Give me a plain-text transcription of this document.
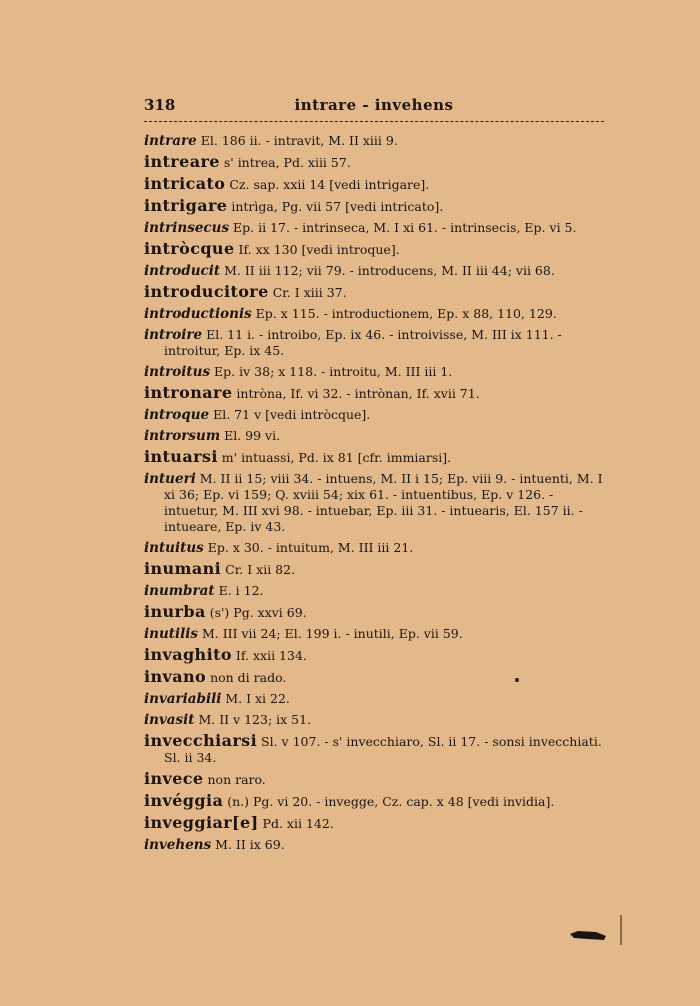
318	intrare - invehens
intrare El. 186 ii. - intravit, M. II xiii 9.
intreare s' intrea, Pd. xiii 57.
intricato Cz. sap. xxii 14 [vedi intrigare].
intrigare intrìga, Pg. vii 57 [vedi intricato].
intrinsecus Ep. ii 17. - intrinseca, M. I xi 61. - intrinsecis, Ep. vi 5.
intròcque If. xx 130 [vedi introque].
introducit M. II iii 112; vii 79. - introducens, M. II iii 44; vii 68.
introducitore Cr. I xiii 37.
introductionis Ep. x 115. - introductionem, Ep. x 88, 110, 129.
introire El. 11 i. - introibo, Ep. ix 46. - introivisse, M. III ix 111. - introitur, Ep. ix 45.
introitus Ep. iv 38; x 118. - introitu, M. III iii 1.
intronare intròna, If. vi 32. - intrònan, If. xvii 71.
introque El. 71 v [vedi intròcque].
introrsum El. 99 vi.
intuarsi m' intuassi, Pd. ix 81 [cfr. immiarsi].
intueri M. II ii 15; viii 34. - intuens, M. II i 15; Ep. viii 9. - intuenti, M. I xi 36; Ep. vi 159; Q. xviii 54; xix 61. - intuentibus, Ep. v 126. - intuetur, M. III xvi 98. - intuebar, Ep. iii 31. - intuearis, El. 157 ii. - intueare, Ep. iv 43.
intuitus Ep. x 30. - intuitum, M. III iii 21.
inumani Cr. I xii 82.
inumbrat E. i 12.
inurba (s') Pg. xxvi 69.
inutilis M. III vii 24; El. 199 i. - inutili, Ep. vii 59.
invaghito If. xxii 134.
invano non di rado.
invariabili M. I xi 22.
invasit M. II v 123; ix 51.
invecchiarsi Sl. v 107. - s' invecchiaro, Sl. ii 17. - sonsi invecchiati. Sl. ii 34.
invece non raro.
invéggia (n.) Pg. vi 20. - invegge, Cz. cap. x 48 [vedi invidia].
inveggiar[e] Pd. xii 142.
invehens M. II ix 69.
